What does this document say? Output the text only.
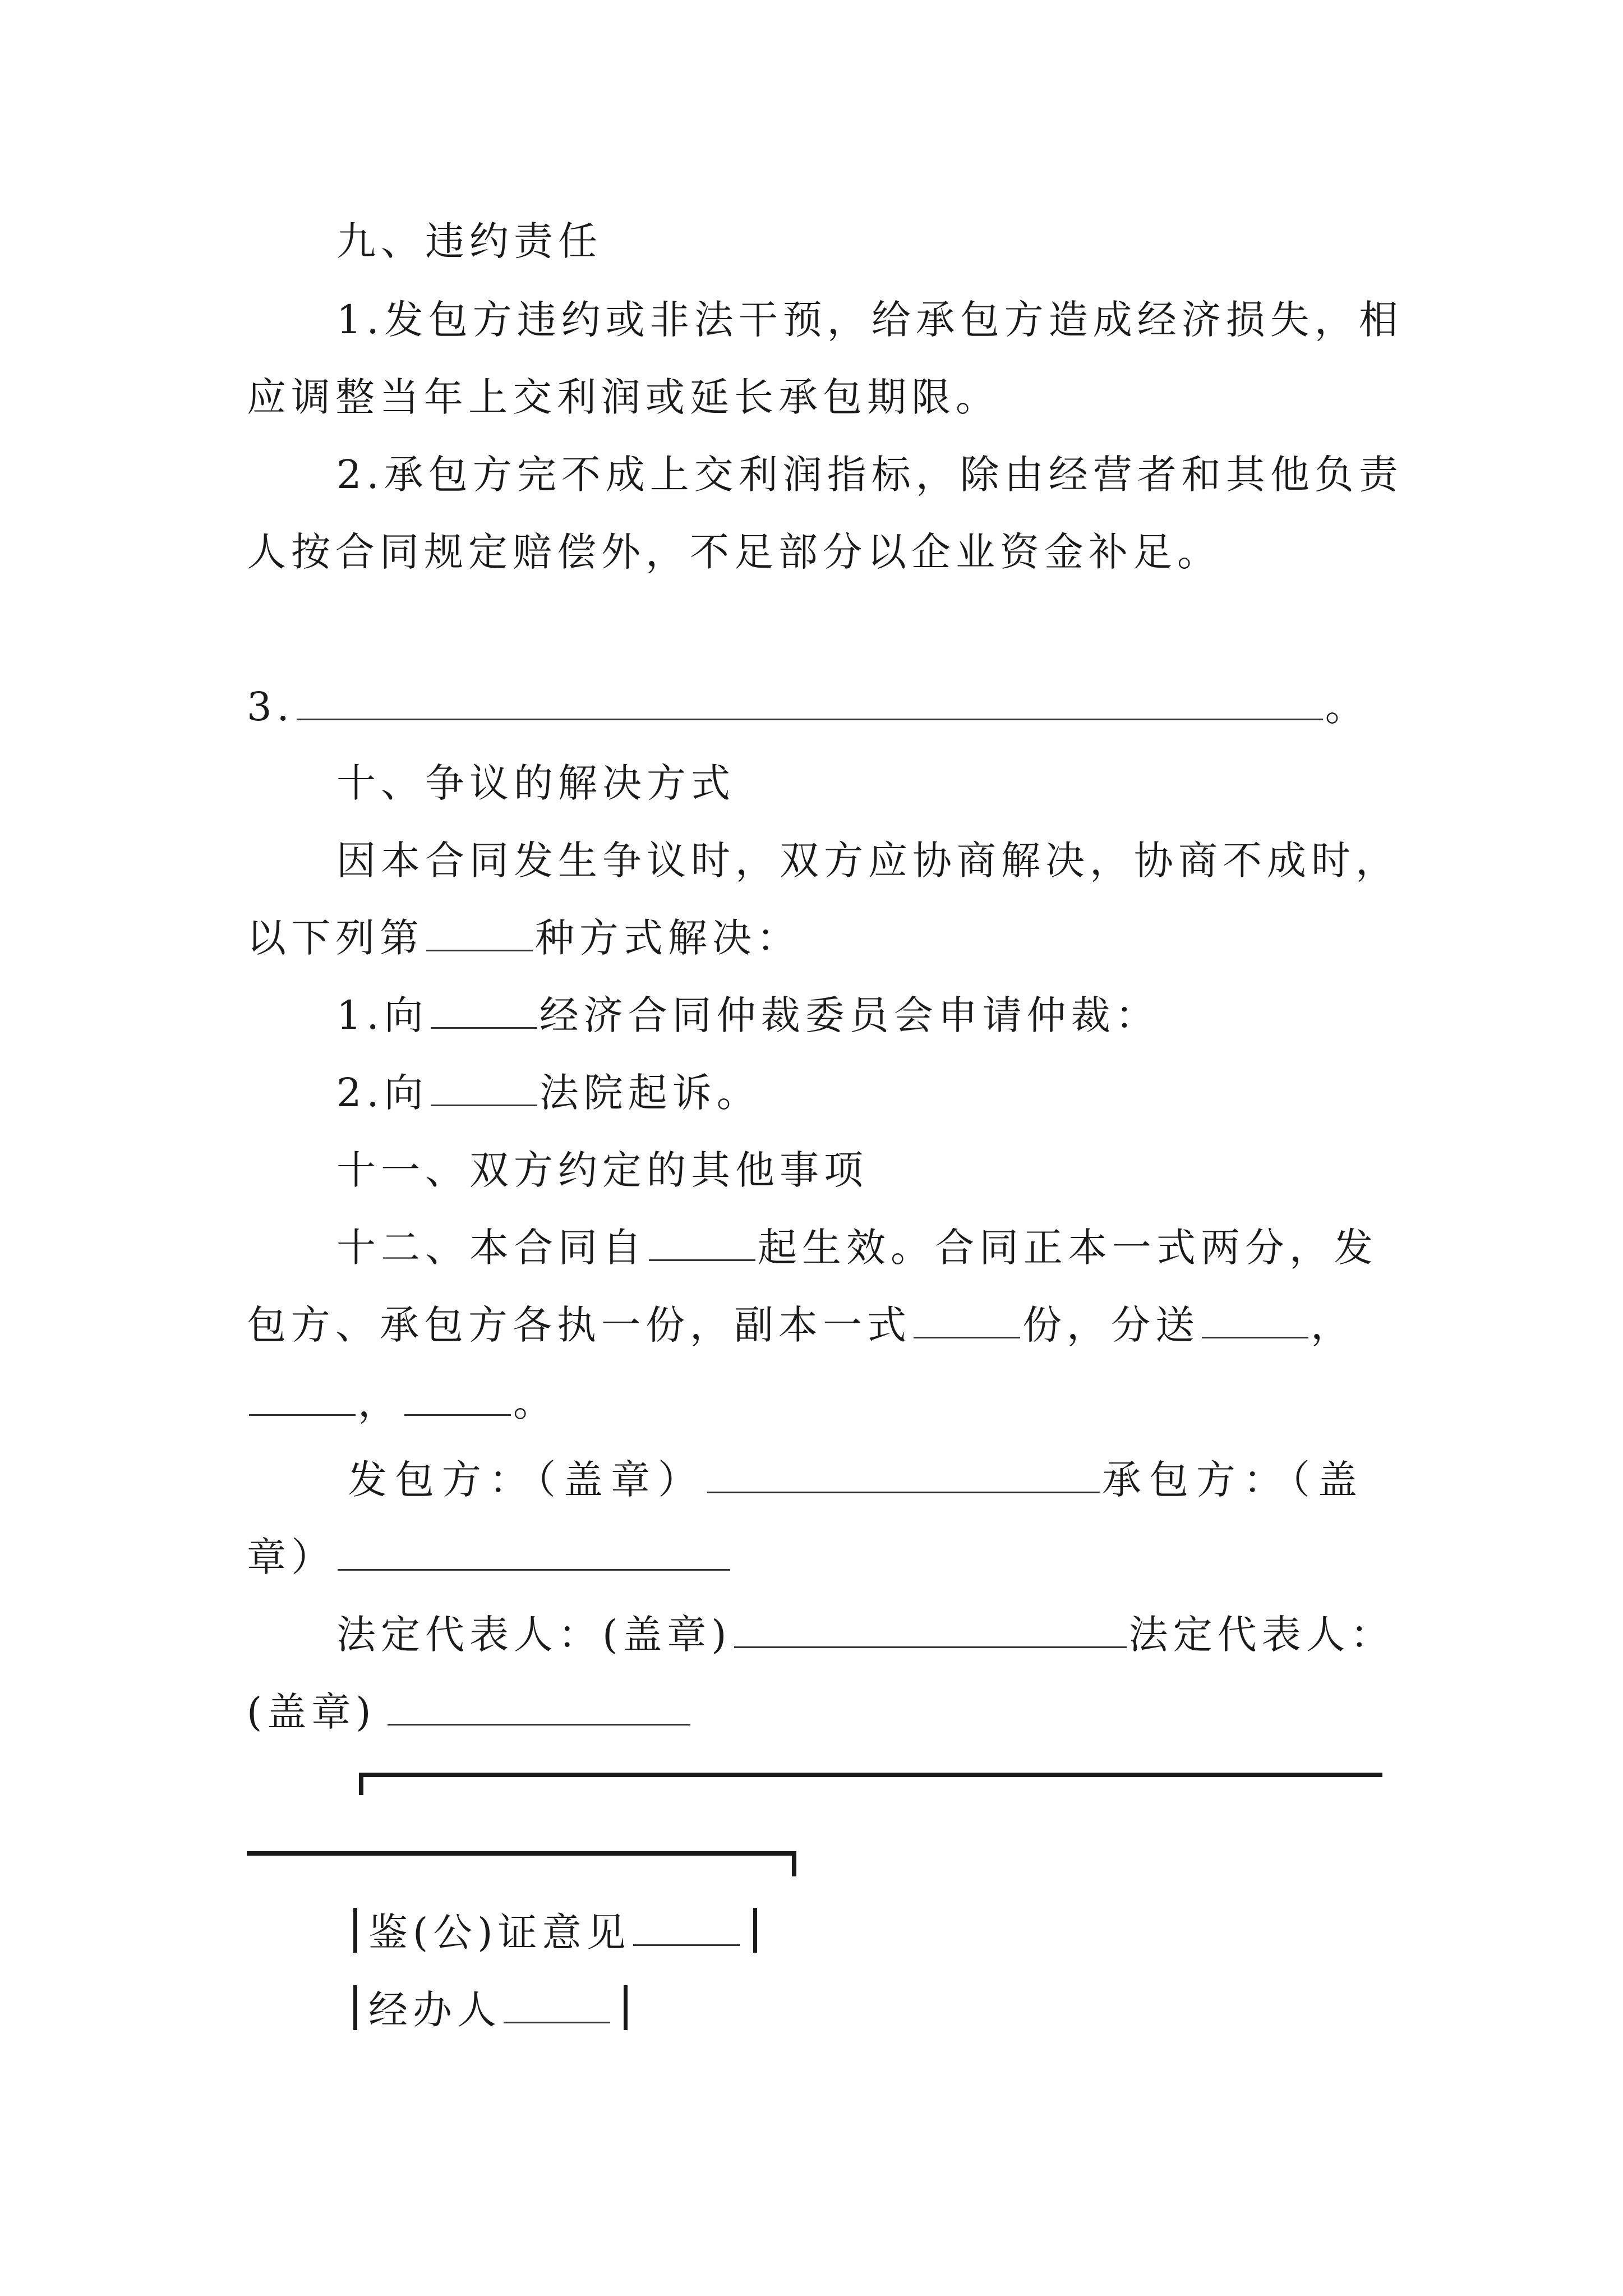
九、违约责任
1.发包方违约或非法干预，给承包方造成经济损失，相
应调整当年上交利润或延长承包期限。
2.承包方完不成上交利润指标，除由经营者和其他负责
人按合同规定赔偿外，不足部分以企业资金补足。
3.	。
十、争议的解决方式
因本合同发生争议时，双方应协商解决，协商不成时，
以下列第	种方式解决：
1.向	经济合同仲裁委员会申请仲裁：
2.向	法院起诉。
十一、双方约定的其他事项
十二、本合同自	起生效。合同正本一式两分，发
包方、承包方各执一份，副本一式	份，分送	，
，	。
发包方：（盖章）	承包方：（盖
章）
法定代表人：(盖章)	法定代表人：
(盖章)
鉴(公)证意见
经办人
